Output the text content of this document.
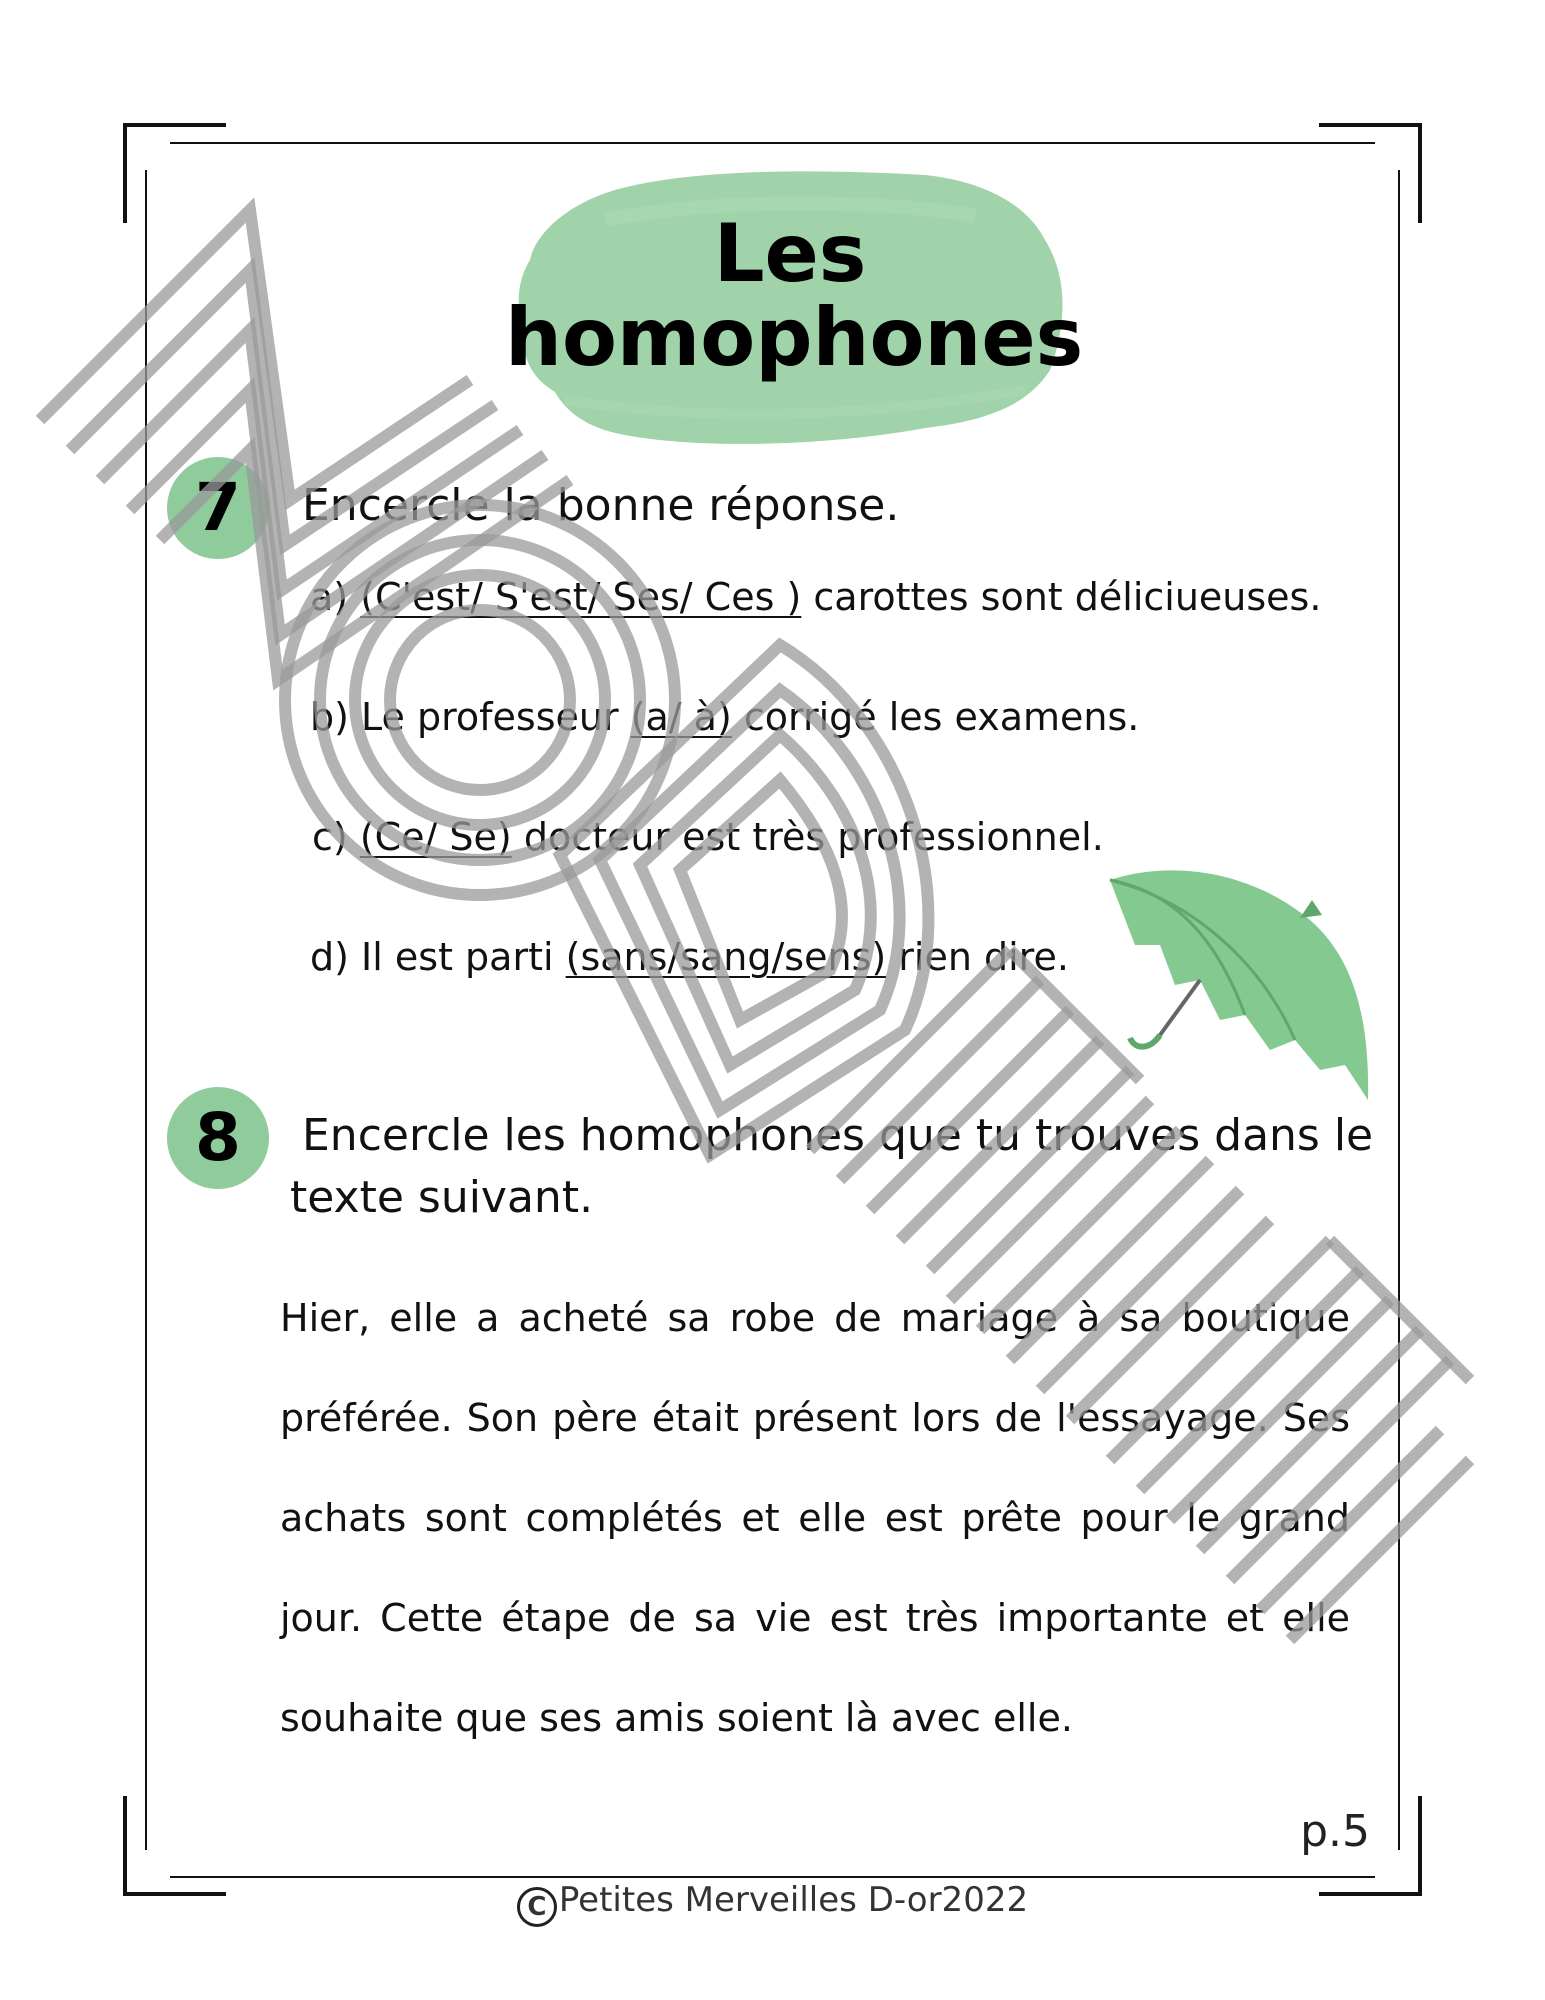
Les
homophones
7	Encercle la bonne réponse.
a) (C'est/ S'est/ Ses/ Ces ) carottes sont déliciueuses.
b) Le professeur (a/ à) corrigé les examens.
c) (Ce/ Se) docteur est très professionnel.
d) Il est parti (sans/sang/sens) rien dire.
8	Encercle les homophones que tu trouves dans le
texte suivant.
Hier, elle a acheté sa robe de mariage à sa boutique préférée. Son père était présent lors de l'essayage. Ses achats sont complétés et elle est prête pour le grand jour. Cette étape de sa vie est très importante et elle souhaite que ses amis soient là avec elle.
p.5
C Petites Merveilles D-or2022
